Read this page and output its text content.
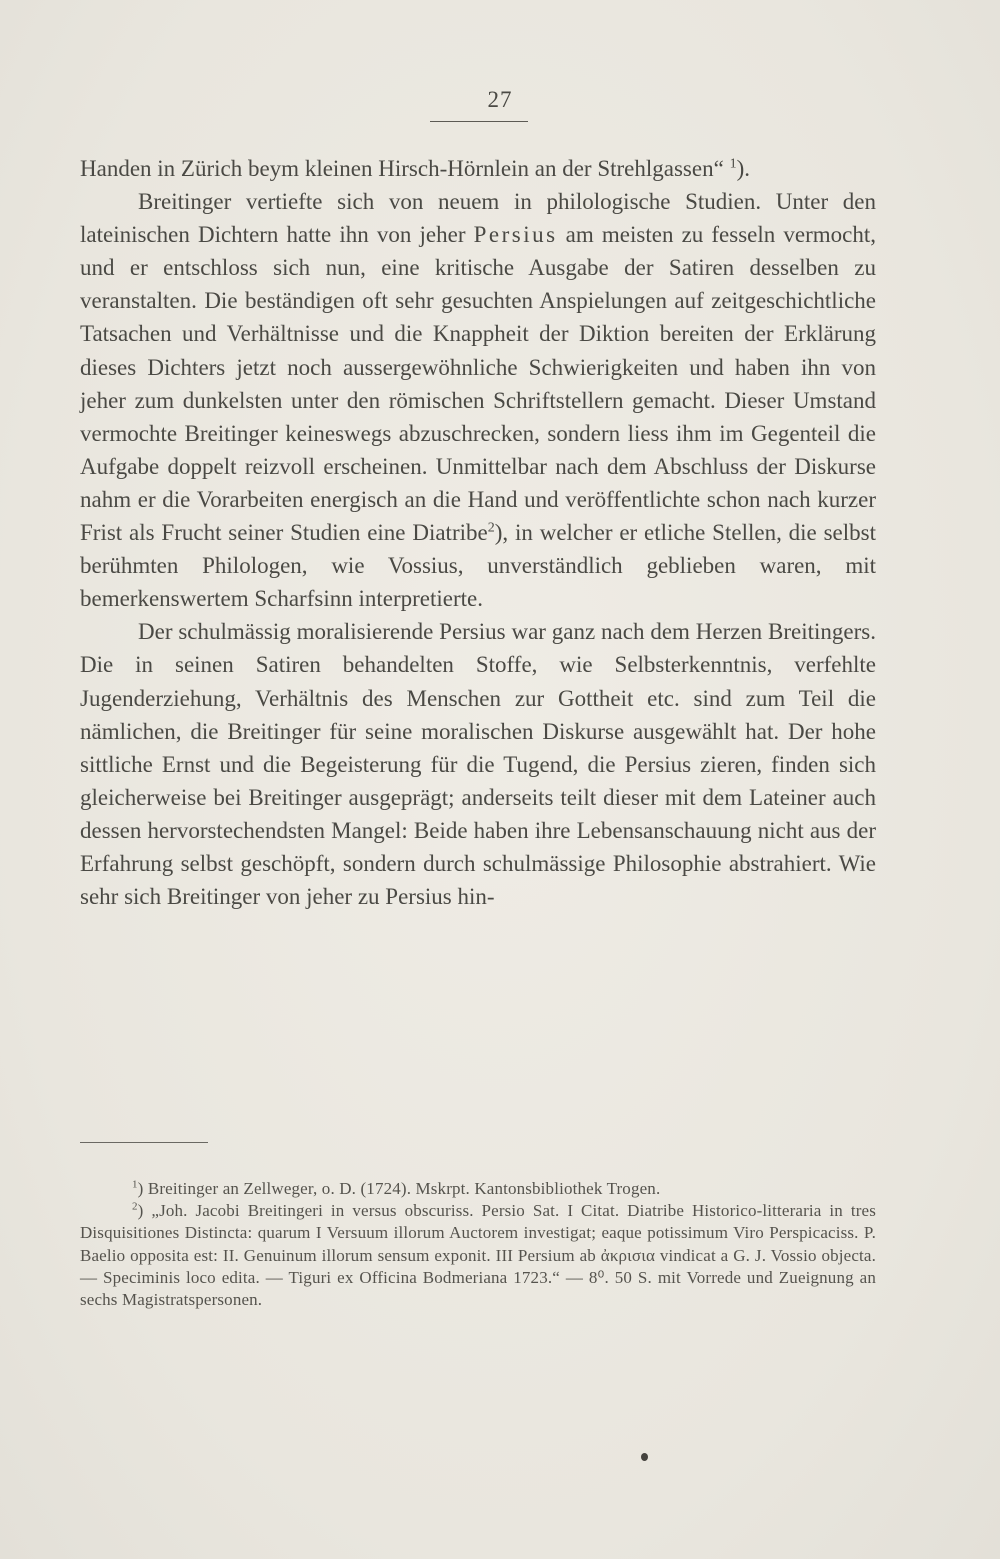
27

Handen in Zürich beym kleinen Hirsch-Hörnlein an der Strehlgassen“ $^1$).

Breitinger vertiefte sich von neuem in philologische Studien. Unter den lateinischen Dichtern hatte ihn von jeher Persius am meisten zu fesseln vermocht, und er entschloss sich nun, eine kritische Ausgabe der Satiren desselben zu veranstalten. Die beständigen oft sehr gesuchten Anspielungen auf zeitgeschichtliche Tatsachen und Verhältnisse und die Knappheit der Diktion bereiten der Erklärung dieses Dichters jetzt noch aussergewöhnliche Schwierigkeiten und haben ihn von jeher zum dunkelsten unter den römischen Schriftstellern gemacht. Dieser Umstand vermochte Breitinger keineswegs abzuschrecken, sondern liess ihm im Gegenteil die Aufgabe doppelt reizvoll erscheinen. Unmittelbar nach dem Abschluss der Diskurse nahm er die Vorarbeiten energisch an die Hand und veröffentlichte schon nach kurzer Frist als Frucht seiner Studien eine Diatribe$^2$), in welcher er etliche Stellen, die selbst berühmten Philologen, wie Vossius, unverständlich geblieben waren, mit bemerkenswertem Scharfsinn interpretierte.

Der schulmässig moralisierende Persius war ganz nach dem Herzen Breitingers. Die in seinen Satiren behandelten Stoffe, wie Selbsterkenntnis, verfehlte Jugenderziehung, Verhältnis des Menschen zur Gottheit etc. sind zum Teil die nämlichen, die Breitinger für seine moralischen Diskurse ausgewählt hat. Der hohe sittliche Ernst und die Begeisterung für die Tugend, die Persius zieren, finden sich gleicherweise bei Breitinger ausgeprägt; anderseits teilt dieser mit dem Lateiner auch dessen hervorstechendsten Mangel: Beide haben ihre Lebensanschauung nicht aus der Erfahrung selbst geschöpft, sondern durch schulmässige Philosophie abstrahiert. Wie sehr sich Breitinger von jeher zu Persius hin-

$^1$) Breitinger an Zellweger, o. D. (1724). Mskrpt. Kantonsbibliothek Trogen.

$^2$) „Joh. Jacobi Breitingeri in versus obscuriss. Persio Sat. I Citat. Diatribe Historico-litteraria in tres Disquisitiones Distincta: quarum I Versuum illorum Auctorem investigat; eaque potissimum Viro Perspicaciss. P. Baelio opposita est: II. Genuinum illorum sensum exponit. III Persium ab ἀκρισια vindicat a G. J. Vossio objecta. — Speciminis loco edita. — Tiguri ex Officina Bodmeriana 1723.“ — 8⁰. 50 S. mit Vorrede und Zueignung an sechs Magistratspersonen.
